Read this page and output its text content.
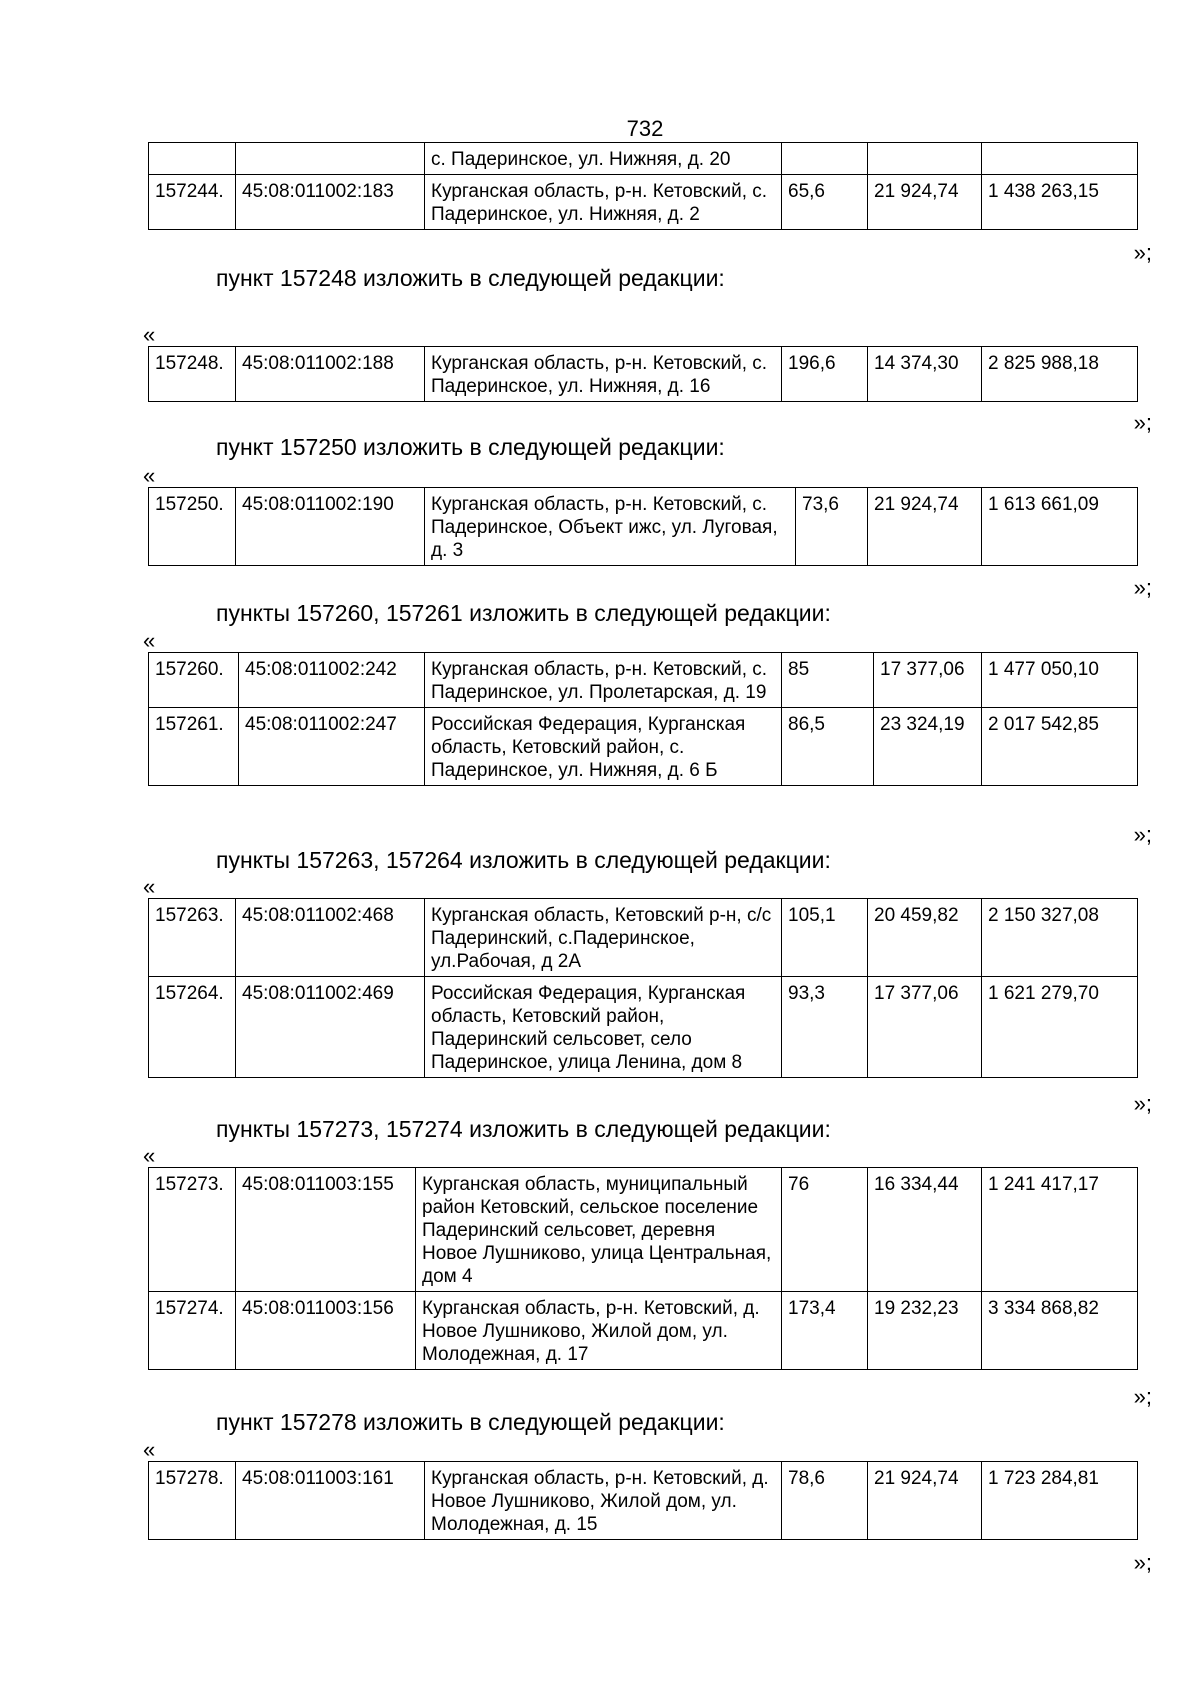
732
		с. Падеринское, ул. Нижняя, д. 20			
157244.	45:08:011002:183	Курганская область, р-н. Кетовский, с. Падеринское, ул. Нижняя, д. 2	65,6	21 924,74	1 438 263,15
»;
пункт 157248 изложить в следующей редакции:
«
157248.	45:08:011002:188	Курганская область, р-н. Кетовский, с. Падеринское, ул. Нижняя, д. 16	196,6	14 374,30	2 825 988,18
»;
пункт 157250 изложить в следующей редакции:
«
157250.	45:08:011002:190	Курганская область, р-н. Кетовский, с. Падеринское, Объект ижс, ул. Луговая, д. 3	73,6	21 924,74	1 613 661,09
»;
пункты 157260, 157261 изложить в следующей редакции:
«
157260.	45:08:011002:242	Курганская область, р-н. Кетовский, с. Падеринское, ул. Пролетарская, д. 19	85	17 377,06	1 477 050,10
157261.	45:08:011002:247	Российская Федерация, Курганская область, Кетовский район, с. Падеринское, ул. Нижняя, д. 6 Б	86,5	23 324,19	2 017 542,85
»;
пункты 157263, 157264 изложить в следующей редакции:
«
157263.	45:08:011002:468	Курганская область, Кетовский р-н, с/с Падеринский, с.Падеринское, ул.Рабочая, д 2А	105,1	20 459,82	2 150 327,08
157264.	45:08:011002:469	Российская Федерация, Курганская область, Кетовский район, Падеринский сельсовет, село Падеринское, улица Ленина, дом 8	93,3	17 377,06	1 621 279,70
»;
пункты 157273, 157274 изложить в следующей редакции:
«
157273.	45:08:011003:155	Курганская область, муниципальный район Кетовский, сельское поселение Падеринский сельсовет, деревня Новое Лушниково, улица Центральная, дом 4	76	16 334,44	1 241 417,17
157274.	45:08:011003:156	Курганская область, р-н. Кетовский, д. Новое Лушниково, Жилой дом, ул. Молодежная, д. 17	173,4	19 232,23	3 334 868,82
»;
пункт 157278 изложить в следующей редакции:
«
157278.	45:08:011003:161	Курганская область, р-н. Кетовский, д. Новое Лушниково, Жилой дом, ул. Молодежная, д. 15	78,6	21 924,74	1 723 284,81
»;
